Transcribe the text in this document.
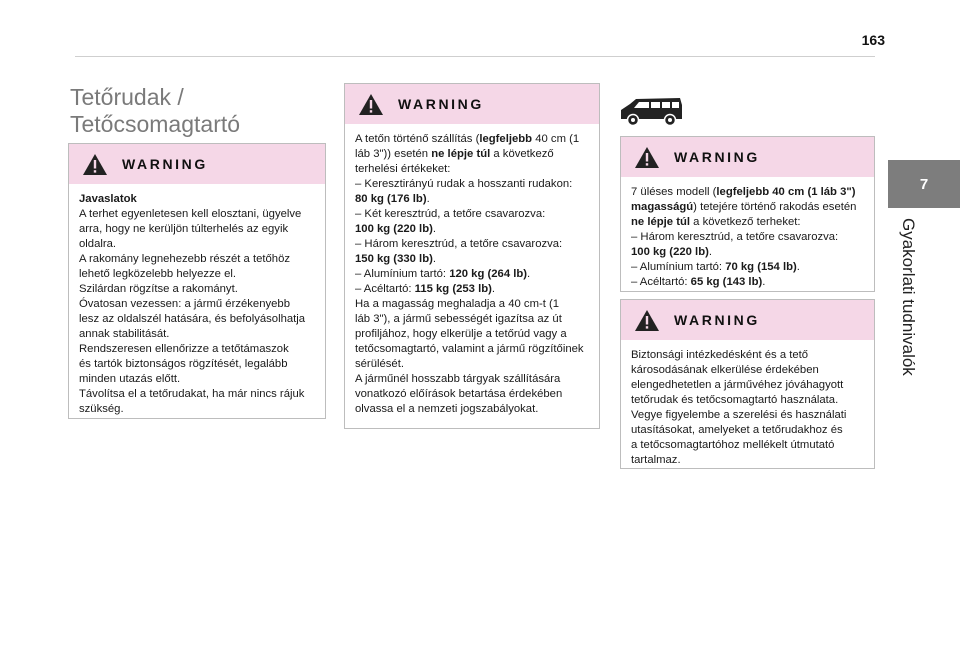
163
7
Gyakorlati tudnivalók
Tetőrudak /
Tetőcsomagtartó
WARNING

Javaslatok

A terhet egyenletesen kell elosztani, ügyelve

arra, hogy ne kerüljön túlterhelés az egyik

oldalra.

A rakomány legnehezebb részét a tetőhöz

lehető legközelebb helyezze el.

Szilárdan rögzítse a rakományt.

Óvatosan vezessen: a jármű érzékenyebb

lesz az oldalszél hatására, és befolyásolhatja

annak stabilitását.

Rendszeresen ellenőrizze a tetőtámaszok

és tartók biztonságos rögzítését, legalább

minden utazás előtt.

Távolítsa el a tetőrudakat, ha már nincs rájuk

szükség.

WARNING

A tetőn történő szállítás (legfeljebb 40 cm (1

láb 3")) esetén ne lépje túl a következő

terhelési értékeket:

– Keresztirányú rudak a hosszanti rudakon:

80 kg (176 lb).

– Két keresztrúd, a tetőre csavarozva:

100 kg (220 lb).

– Három keresztrúd, a tetőre csavarozva:

150 kg (330 lb).

– Alumínium tartó: 120 kg (264 lb).

– Acéltartó: 115 kg (253 lb).

Ha a magasság meghaladja a 40 cm-t (1

láb 3"), a jármű sebességét igazítsa az út

profiljához, hogy elkerülje a tetőrúd vagy a

tetőcsomagtartó, valamint a jármű rögzítőinek

sérülését.

A járműnél hosszabb tárgyak szállítására

vonatkozó előírások betartása érdekében

olvassa el a nemzeti jogszabályokat.

WARNING

7 üléses modell (legfeljebb 40 cm (1 láb 3")

magasságú) tetejére történő rakodás esetén

ne lépje túl a következő terheket:

– Három keresztrúd, a tetőre csavarozva:

100 kg (220 lb).

– Alumínium tartó: 70 kg (154 lb).

– Acéltartó: 65 kg (143 lb).

WARNING

Biztonsági intézkedésként és a tető

károsodásának elkerülése érdekében

elengedhetetlen a járművéhez jóváhagyott

tetőrudak és tetőcsomagtartó használata.

Vegye figyelembe a szerelési és használati

utasításokat, amelyeket a tetőrudakhoz és

a tetőcsomagtartóhoz mellékelt útmutató

tartalmaz.
